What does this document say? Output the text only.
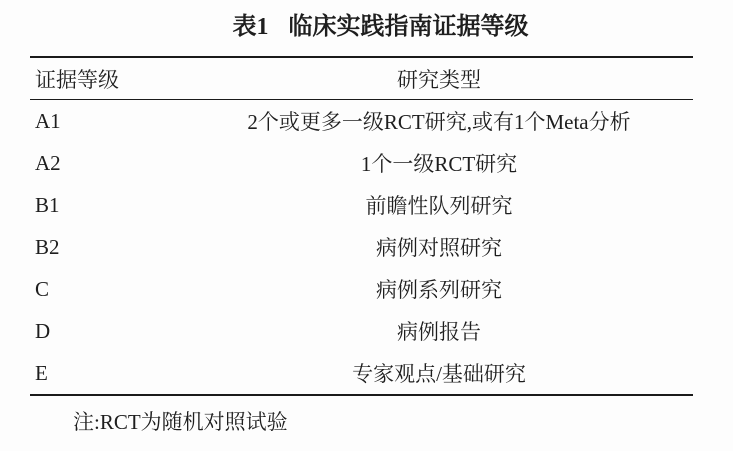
表1 临床实践指南证据等级
证据等级	研究类型
A1	2个或更多一级RCT研究,或有1个Meta分析
A2	1个一级RCT研究
B1	前瞻性队列研究
B2	病例对照研究
C	病例系列研究
D	病例报告
E	专家观点/基础研究
注:RCT为随机对照试验
